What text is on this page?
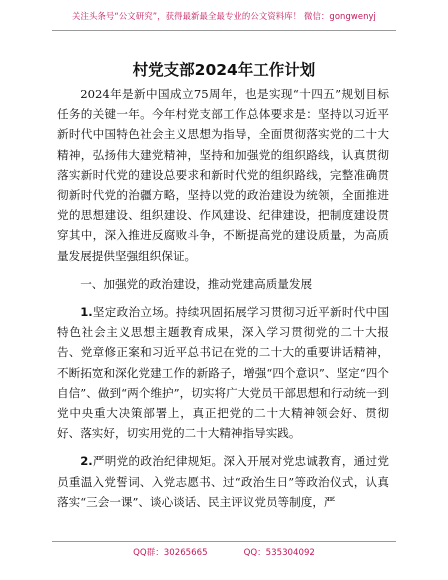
关注头条号“公文研究”，获得最新最全最专业的公文资料库！ 微信：gongwenyj
村党支部2024年工作计划

2024年是新中国成立75周年，也是实现“十四五”规划目标任务的关键一年。今年村党支部工作总体要求是：坚持以习近平新时代中国特色社会主义思想为指导，全面贯彻落实党的二十大精神，弘扬伟大建党精神，坚持和加强党的组织路线，认真贯彻落实新时代党的建设总要求和新时代党的组织路线，完整准确贯彻新时代党的治疆方略，坚持以党的政治建设为统领，全面推进党的思想建设、组织建设、作风建设、纪律建设，把制度建设贯穿其中，深入推进反腐败斗争，不断提高党的建设质量，为高质量发展提供坚强组织保证。

一、加强党的政治建设，推动党建高质量发展

1.坚定政治立场。持续巩固拓展学习贯彻习近平新时代中国特色社会主义思想主题教育成果，深入学习贯彻党的二十大报告、党章修正案和习近平总书记在党的二十大的重要讲话精神，不断拓宽和深化党建工作的新路子，增强“四个意识”、坚定“四个自信”、做到“两个维护”，切实将广大党员干部思想和行动统一到党中央重大决策部署上，真正把党的二十大精神领会好、贯彻好、落实好，切实用党的二十大精神指导实践。

2.严明党的政治纪律规矩。深入开展对党忠诚教育，通过党员重温入党誓词、入党志愿书、过“政治生日”等政治仪式，认真落实“三会一课”、谈心谈话、民主评议党员等制度，严

QQ群：30265665	QQ：535304092
